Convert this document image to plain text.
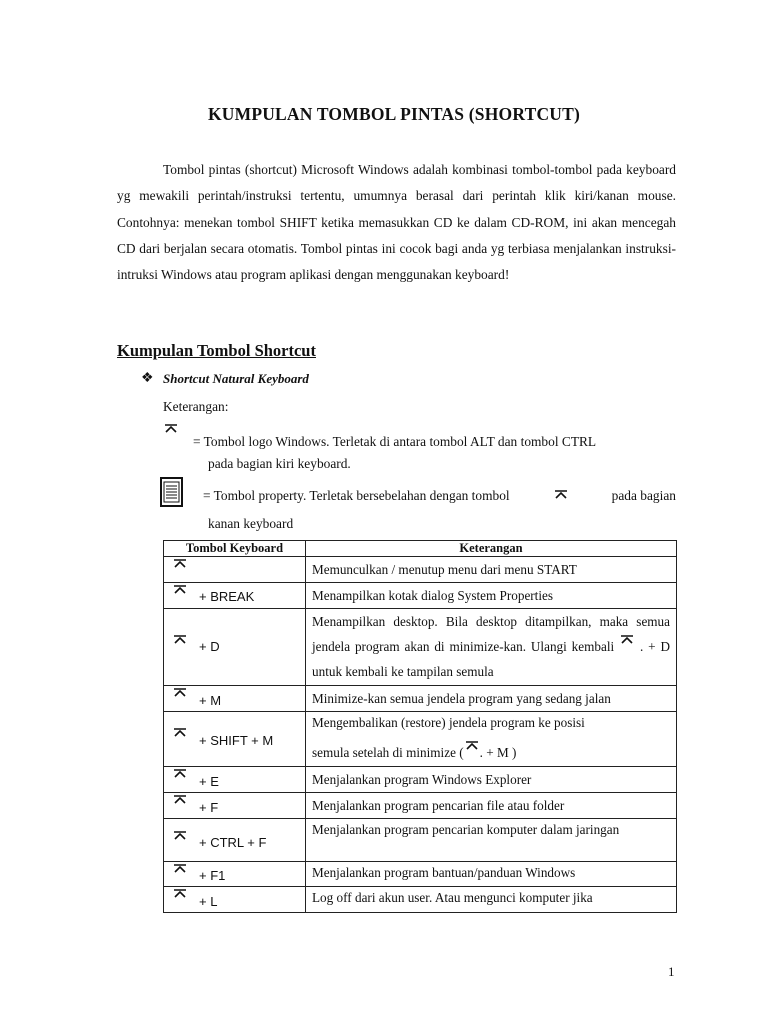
KUMPULAN TOMBOL PINTAS (SHORTCUT)

Tombol pintas (shortcut) Microsoft Windows adalah kombinasi tombol-tombol pada keyboard yg mewakili perintah/instruksi tertentu, umumnya berasal dari perintah klik kiri/kanan mouse. Contohnya: menekan tombol SHIFT ketika memasukkan CD ke dalam CD-ROM, ini akan mencegah CD dari berjalan secara otomatis. Tombol pintas ini cocok bagi anda yg terbiasa menjalankan instruksi-intruksi Windows atau program aplikasi dengan menggunakan keyboard!

Kumpulan Tombol Shortcut
❖ Shortcut Natural Keyboard
Keterangan:
= Tombol logo Windows. Terletak di antara tombol ALT dan tombol CTRL
pada bagian kiri keyboard.
= Tombol property. Terletak bersebelahan dengan tombol	pada bagian
kanan keyboard
Tombol Keyboard	Keterangan

	Memunculkan / menutup menu dari menu START

+ BREAK	Menampilkan kotak dialog System Properties

+ D	Menampilkan desktop. Bila desktop ditampilkan, maka semua jendela program akan di minimize-kan. Ulangi kembali . + D untuk kembali ke tampilan semula

+ M	Minimize-kan semua jendela program yang sedang jalan

+ SHIFT + M	Mengembalikan (restore) jendela program ke posisi
semula setelah di minimize ( . + M )

+ E	Menjalankan program Windows Explorer

+ F	Menjalankan program pencarian file atau folder

+ CTRL + F	Menjalankan program pencarian komputer dalam jaringan

+ F1	Menjalankan program bantuan/panduan Windows

+ L	Log off dari akun user. Atau mengunci komputer jika
1
